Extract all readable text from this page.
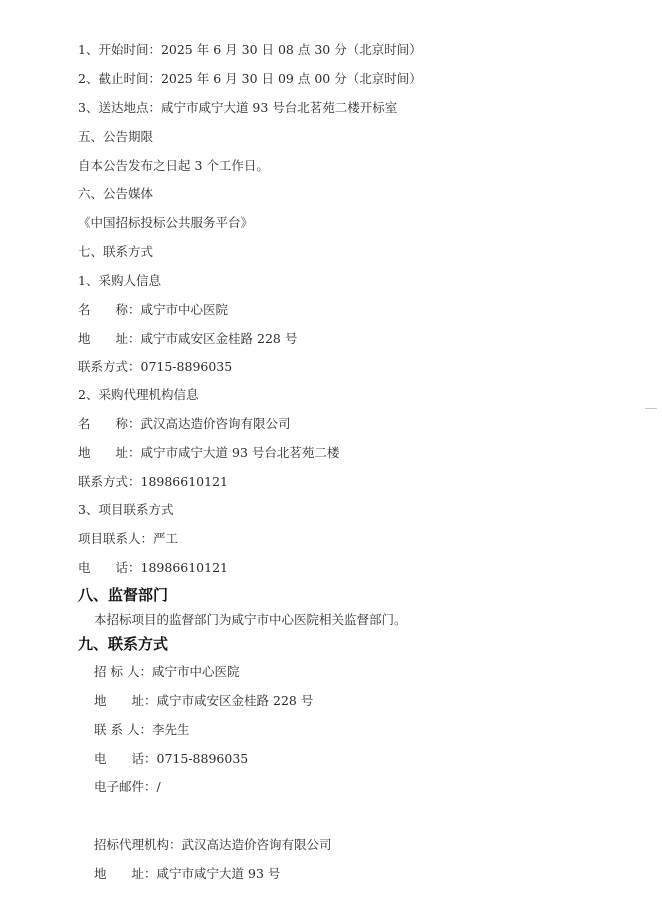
1、开始时间：2025 年 6 月 30 日 08 点 30 分（北京时间）
2、截止时间：2025 年 6 月 30 日 09 点 00 分（北京时间）
3、送达地点：咸宁市咸宁大道 93 号台北茗苑二楼开标室
五、公告期限
自本公告发布之日起 3 个工作日。
六、公告媒体
《中国招标投标公共服务平台》
七、联系方式
1、采购人信息
名　　称：咸宁市中心医院
地　　址：咸宁市咸安区金桂路 228 号
联系方式：0715-8896035
2、采购代理机构信息
名　　称：武汉高达造价咨询有限公司
地　　址：咸宁市咸宁大道 93 号台北茗苑二楼
联系方式：18986610121
3、项目联系方式
项目联系人：严工
电　　话：18986610121
八、监督部门
本招标项目的监督部门为咸宁市中心医院相关监督部门。
九、联系方式
招 标 人：咸宁市中心医院
地　　址：咸宁市咸安区金桂路 228 号
联 系 人：李先生
电　　话：0715-8896035
电子邮件：/
招标代理机构：武汉高达造价咨询有限公司
地　　址：咸宁市咸宁大道 93 号
